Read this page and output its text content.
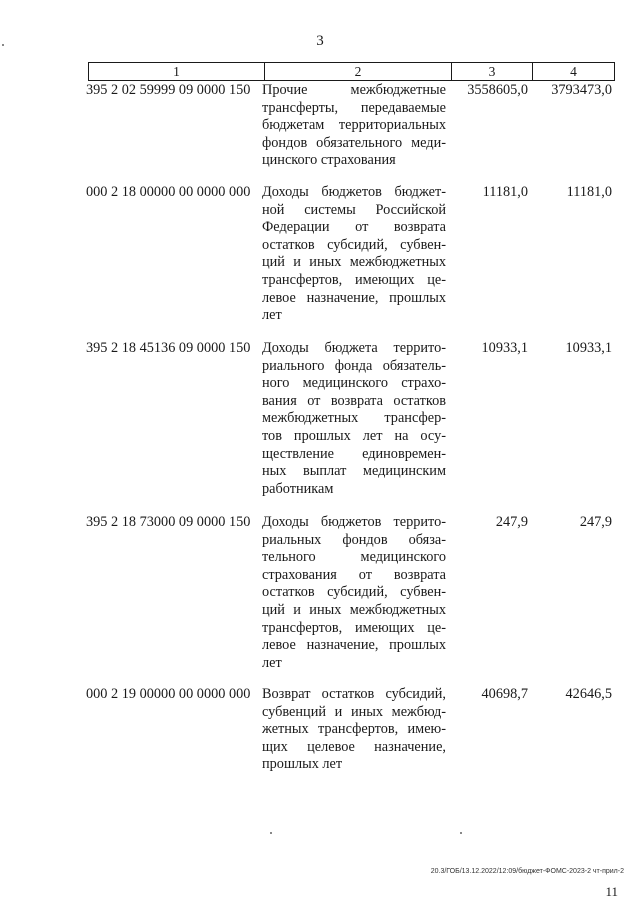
3
1	2	3	4
395 2 02 59999 09 0000 150 Прочие межбюджетные
трансферты, передаваемые
бюджетам территориальных
фондов обязательного меди-
цинского страхования
3558605,0	3793473,0
000 2 18 00000 00 0000 000 Доходы бюджетов бюджет-
ной системы Российской
Федерации от возврата
остатков субсидий, субвен-
ций и иных межбюджетных
трансфертов, имеющих це-
левое назначение, прошлых
лет
11181,0	11181,0
395 2 18 45136 09 0000 150 Доходы бюджета террито-
риального фонда обязатель-
ного медицинского страхо-
вания от возврата остатков
межбюджетных трансфер-
тов прошлых лет на осу-
ществление единовремен-
ных выплат медицинским
работникам
10933,1	10933,1
395 2 18 73000 09 0000 150 Доходы бюджетов террито-
риальных фондов обяза-
тельного медицинского
страхования от возврата
остатков субсидий, субвен-
ций и иных межбюджетных
трансфертов, имеющих це-
левое назначение, прошлых
лет
247,9	247,9
000 2 19 00000 00 0000 000 Возврат остатков субсидий,
субвенций и иных межбюд-
жетных трансфертов, имею-
щих целевое назначение,
прошлых лет
40698,7	42646,5
20.3/ГОБ/13.12.2022/12:09/бюджет-ФОМС-2023-2 чт-прил-2
11
